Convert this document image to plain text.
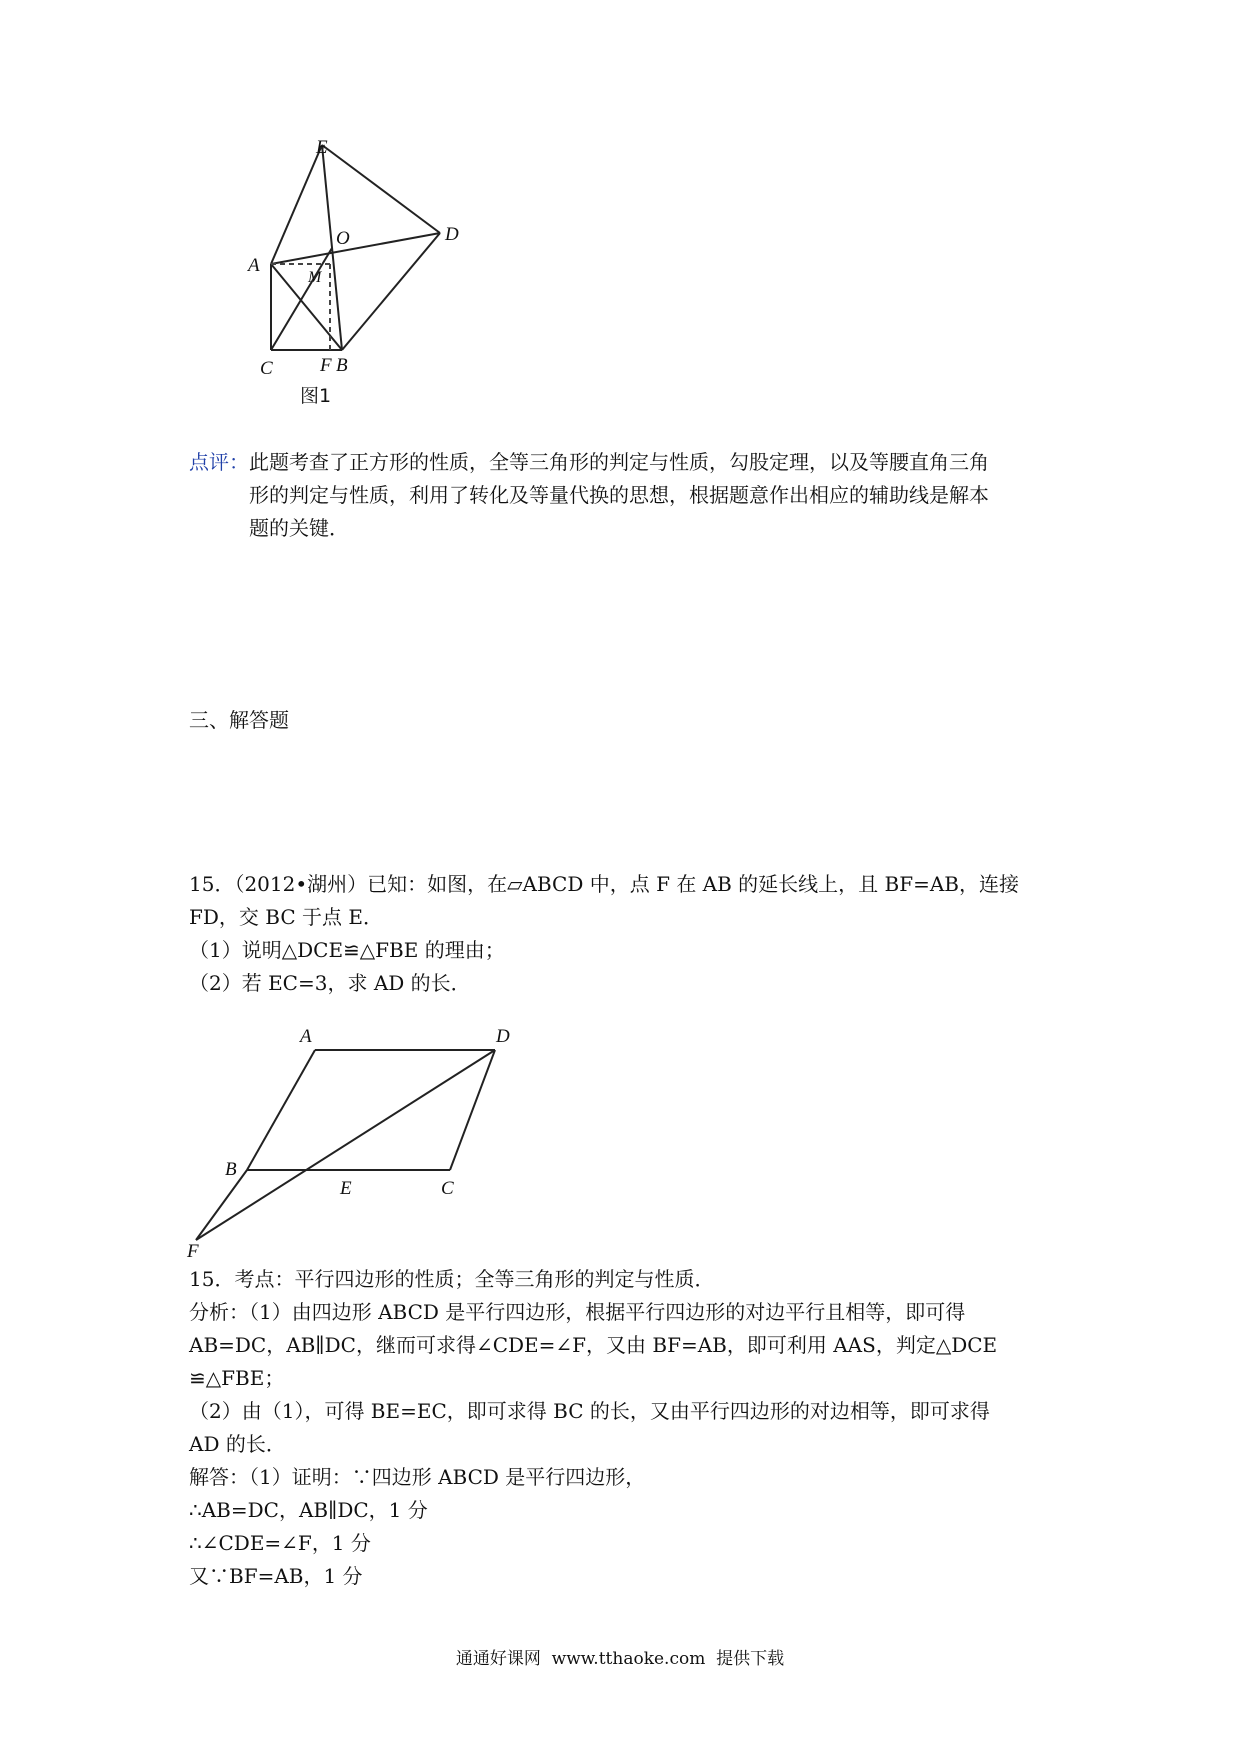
E
D
O
A
M
C F B
图1
点评：此题考查了正方形的性质，全等三角形的判定与性质，勾股定理，以及等腰直角三角
形的判定与性质，利用了转化及等量代换的思想，根据题意作出相应的辅助线是解本
题的关键．
三、解答题
15．（2012•湖州）已知：如图，在▱ABCD 中，点 F 在 AB 的延长线上，且 BF=AB，连接
FD，交 BC 于点 E．
（1）说明△DCE≌△FBE 的理由；
（2）若 EC=3，求 AD 的长．
A	D
B
E	C
F
15．考点：平行四边形的性质；全等三角形的判定与性质．
分析：（1）由四边形 ABCD 是平行四边形，根据平行四边形的对边平行且相等，即可得
AB=DC，AB∥DC，继而可求得∠CDE=∠F，又由 BF=AB，即可利用 AAS，判定△DCE
≌△FBE；
（2）由（1），可得 BE=EC，即可求得 BC 的长，又由平行四边形的对边相等，即可求得
AD 的长．
解答：（1）证明：∵四边形 ABCD 是平行四边形，
∴AB=DC，AB∥DC，1 分
∴∠CDE=∠F，1 分
又∵BF=AB，1 分
通通好课网  www.tthaoke.com  提供下载
